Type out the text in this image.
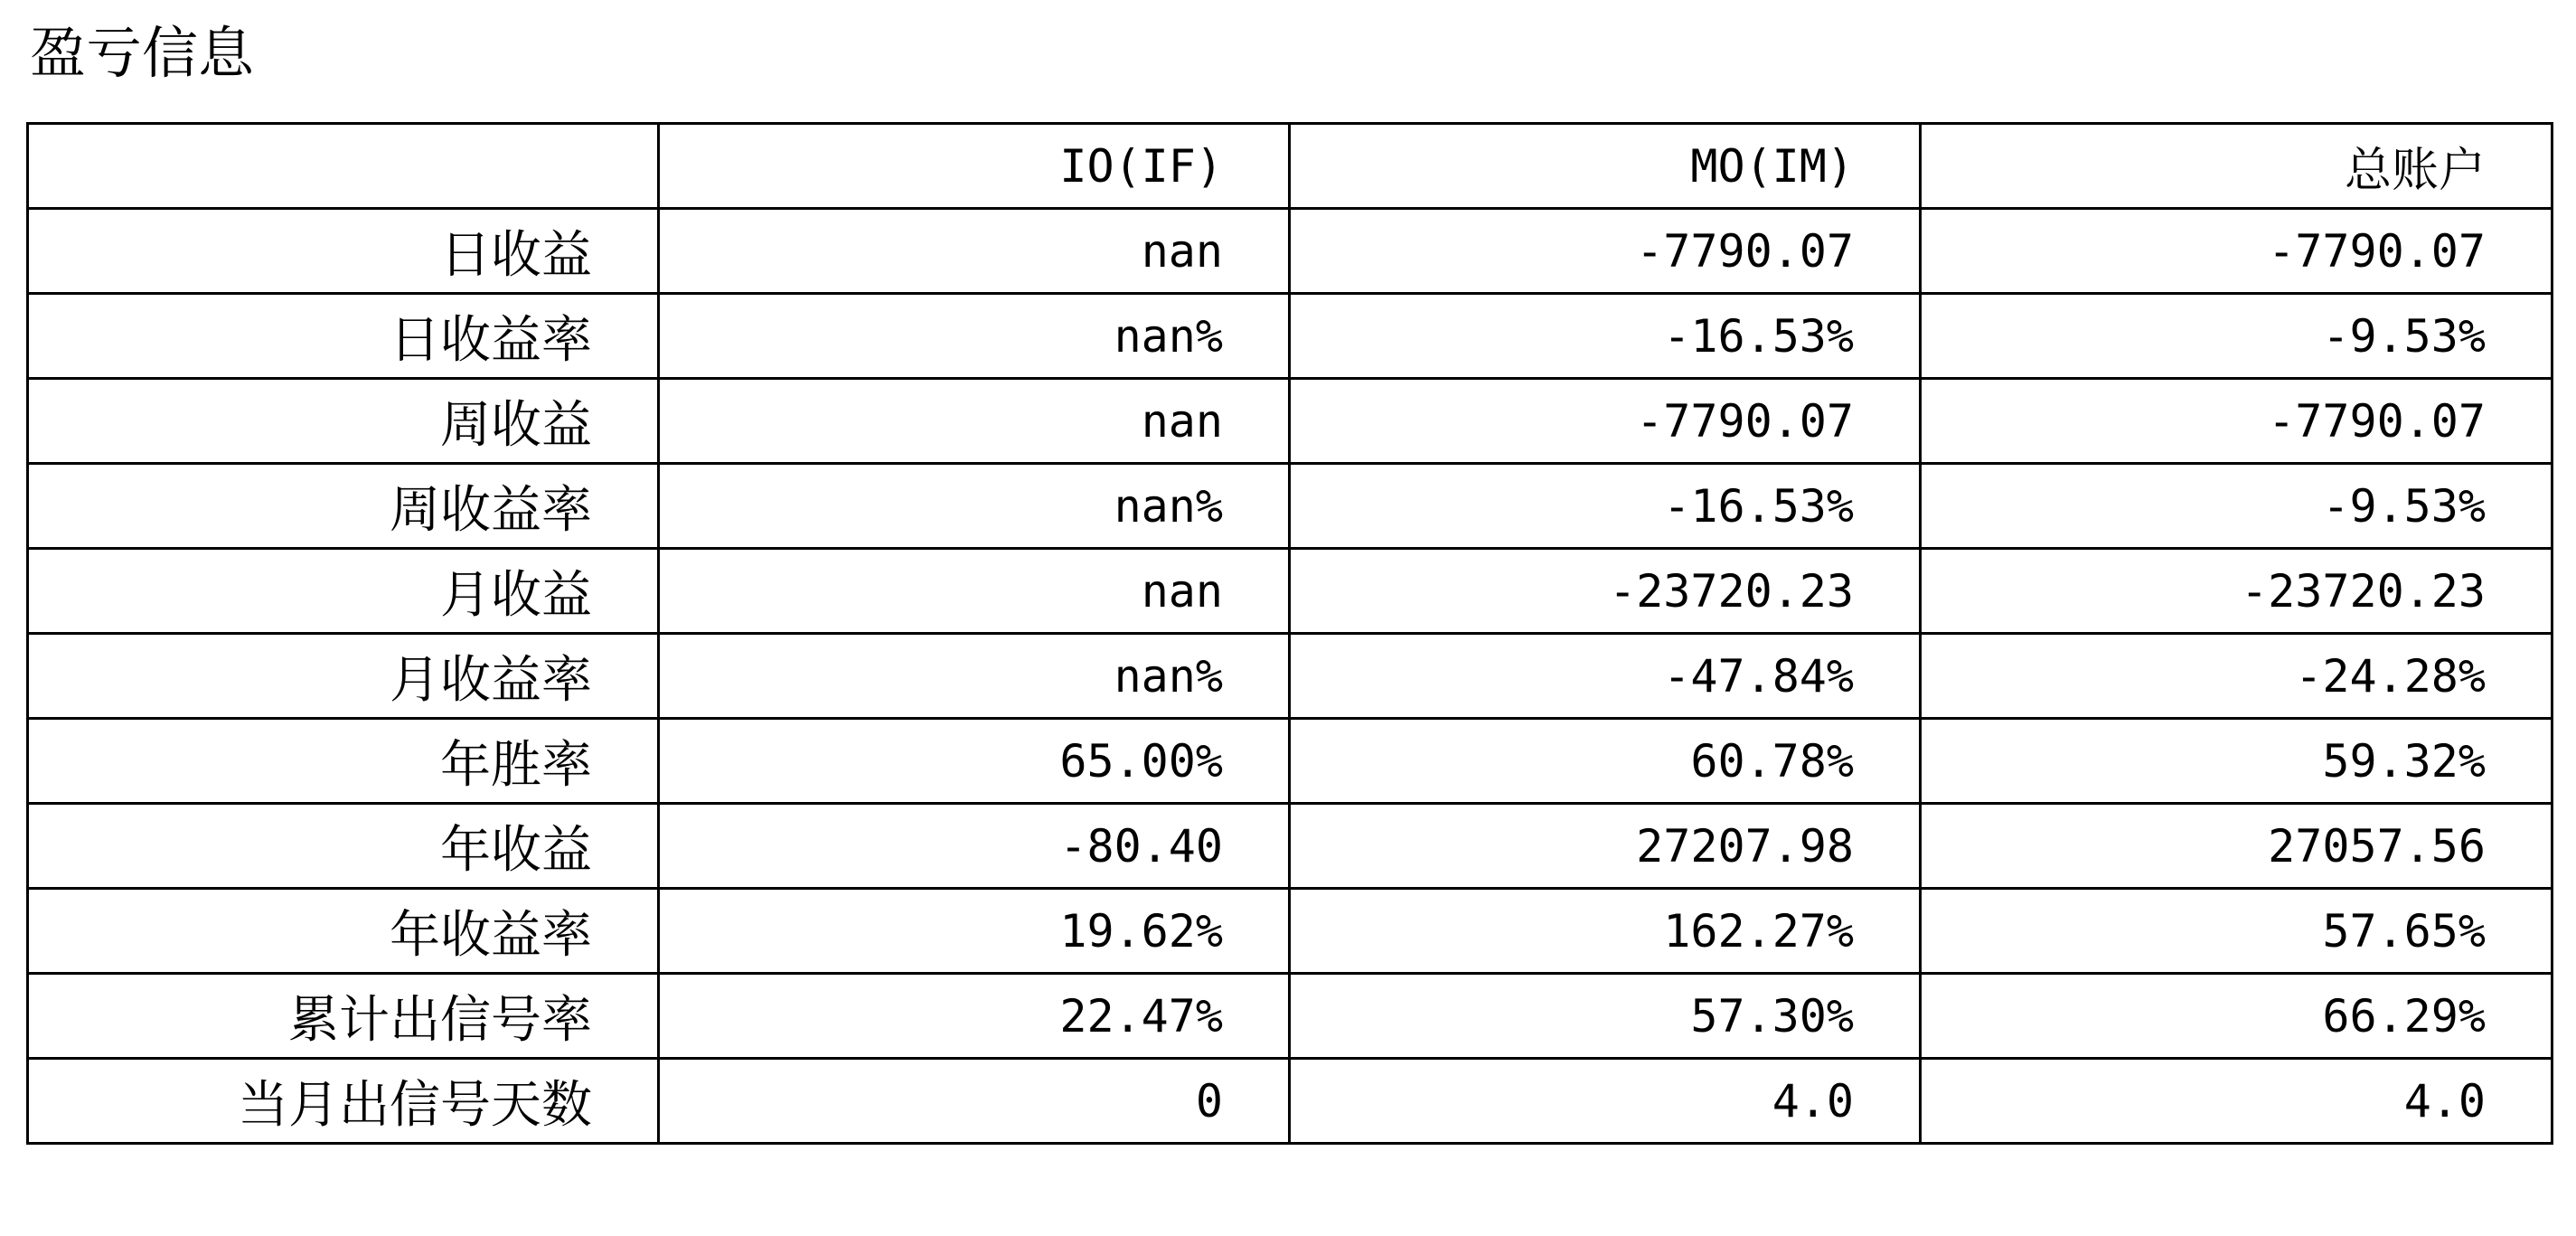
盈亏信息
	IO(IF)	MO(IM)	总账户
日收益	nan	-7790.07	-7790.07
日收益率	nan%	-16.53%	-9.53%
周收益	nan	-7790.07	-7790.07
周收益率	nan%	-16.53%	-9.53%
月收益	nan	-23720.23	-23720.23
月收益率	nan%	-47.84%	-24.28%
年胜率	65.00%	60.78%	59.32%
年收益	-80.40	27207.98	27057.56
年收益率	19.62%	162.27%	57.65%
累计出信号率	22.47%	57.30%	66.29%
当月出信号天数	0	4.0	4.0
